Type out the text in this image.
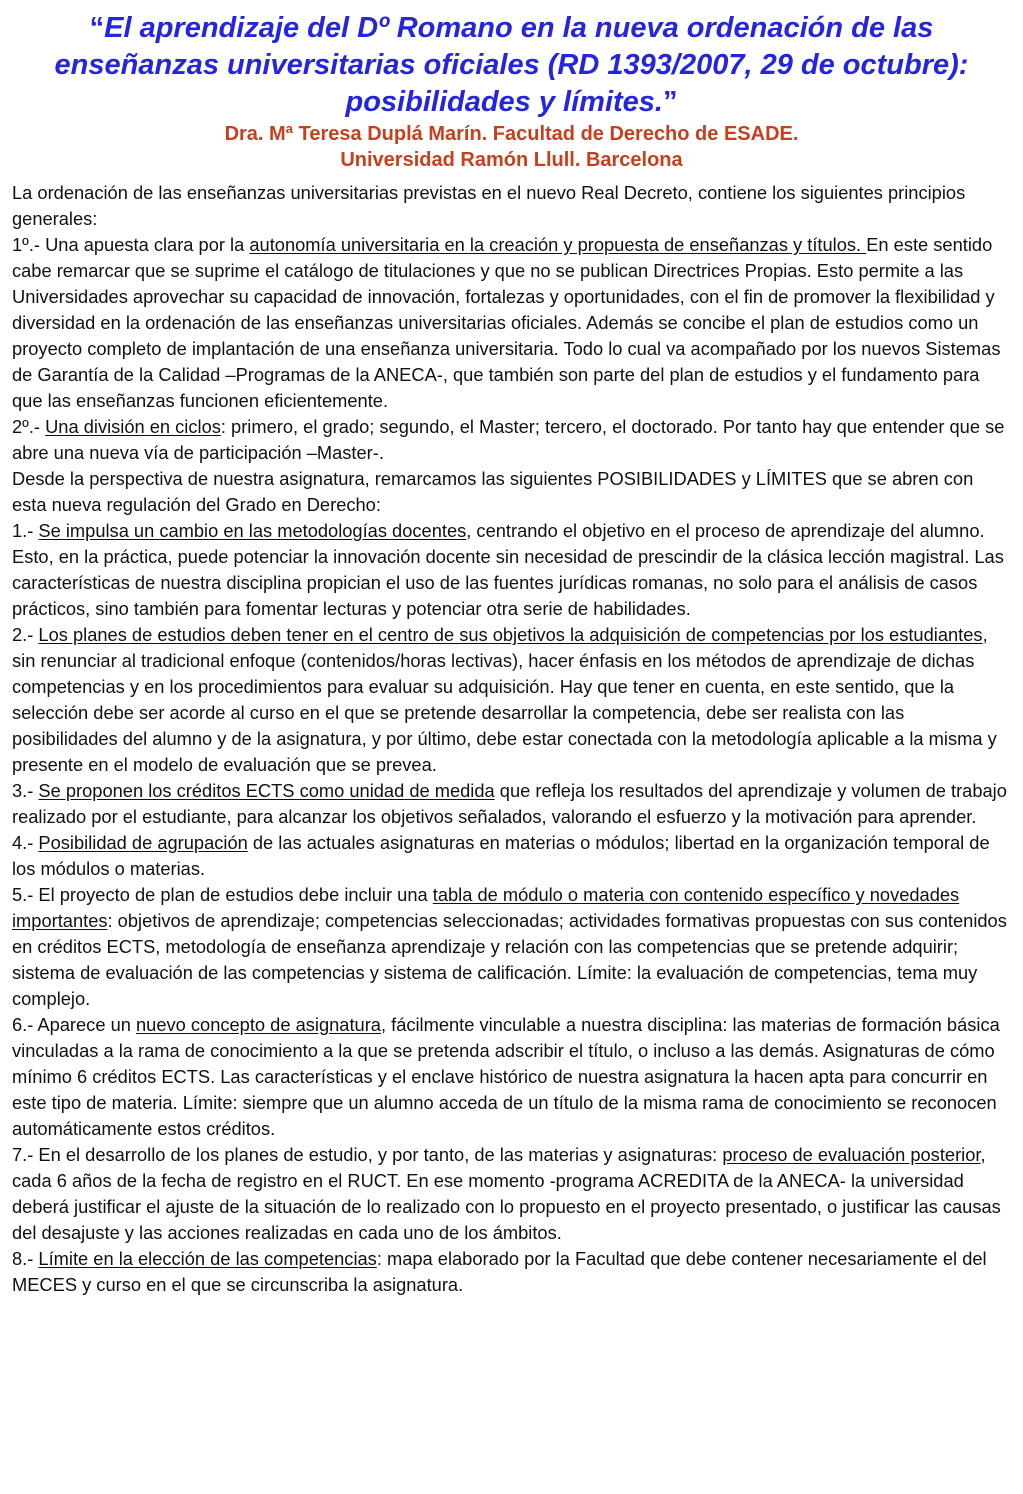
“El aprendizaje del Dº Romano en la nueva ordenación de las enseñanzas universitarias oficiales (RD 1393/2007, 29 de octubre): posibilidades y límites.”
Dra. Mª Teresa Duplá Marín. Facultad de Derecho de ESADE.
Universidad Ramón Llull. Barcelona

La ordenación de las enseñanzas universitarias previstas en el nuevo Real Decreto, contiene los siguientes principios generales:

1º.- Una apuesta clara por la autonomía universitaria en la creación y propuesta de enseñanzas y títulos. En este sentido cabe remarcar que se suprime el catálogo de titulaciones y que no se publican Directrices Propias. Esto permite a las Universidades aprovechar su capacidad de innovación, fortalezas y oportunidades, con el fin de promover la flexibilidad y diversidad en la ordenación de las enseñanzas universitarias oficiales. Además se concibe el plan de estudios como un proyecto completo de implantación de una enseñanza universitaria. Todo lo cual va acompañado por los nuevos Sistemas de Garantía de la Calidad –Programas de la ANECA-, que también son parte del plan de estudios y el fundamento para que las enseñanzas funcionen eficientemente.

2º.- Una división en ciclos: primero, el grado; segundo, el Master; tercero, el doctorado. Por tanto hay que entender que se abre una nueva vía de participación –Master-.

Desde la perspectiva de nuestra asignatura, remarcamos las siguientes POSIBILIDADES y LÍMITES que se abren con esta nueva regulación del Grado en Derecho:

1.- Se impulsa un cambio en las metodologías docentes, centrando el objetivo en el proceso de aprendizaje del alumno. Esto, en la práctica, puede potenciar la innovación docente sin necesidad de prescindir de la clásica lección magistral. Las características de nuestra disciplina propician el uso de las fuentes jurídicas romanas, no solo para el análisis de casos prácticos, sino también para fomentar lecturas y potenciar otra serie de habilidades.

2.- Los planes de estudios deben tener en el centro de sus objetivos la adquisición de competencias por los estudiantes, sin renunciar al tradicional enfoque (contenidos/horas lectivas), hacer énfasis en los métodos de aprendizaje de dichas competencias y en los procedimientos para evaluar su adquisición. Hay que tener en cuenta, en este sentido, que la selección debe ser acorde al curso en el que se pretende desarrollar la competencia, debe ser realista con las posibilidades del alumno y de la asignatura, y por último, debe estar conectada con la metodología aplicable a la misma y presente en el modelo de evaluación que se prevea.

3.- Se proponen los créditos ECTS como unidad de medida que refleja los resultados del aprendizaje y volumen de trabajo realizado por el estudiante, para alcanzar los objetivos señalados, valorando el esfuerzo y la motivación para aprender.

4.- Posibilidad de agrupación de las actuales asignaturas en materias o módulos; libertad en la organización temporal de los módulos o materias.

5.- El proyecto de plan de estudios debe incluir una tabla de módulo o materia con contenido específico y novedades importantes: objetivos de aprendizaje; competencias seleccionadas; actividades formativas propuestas con sus contenidos en créditos ECTS, metodología de enseñanza aprendizaje y relación con las competencias que se pretende adquirir; sistema de evaluación de las competencias y sistema de calificación. Límite: la evaluación de competencias, tema muy complejo.

6.- Aparece un nuevo concepto de asignatura, fácilmente vinculable a nuestra disciplina: las materias de formación básica vinculadas a la rama de conocimiento a la que se pretenda adscribir el título, o incluso a las demás. Asignaturas de cómo mínimo 6 créditos ECTS. Las características y el enclave histórico de nuestra asignatura la hacen apta para concurrir en este tipo de materia. Límite: siempre que un alumno acceda de un título de la misma rama de conocimiento se reconocen automáticamente estos créditos.

7.- En el desarrollo de los planes de estudio, y por tanto, de las materias y asignaturas: proceso de evaluación posterior, cada 6 años de la fecha de registro en el RUCT. En ese momento -programa ACREDITA de la ANECA- la universidad deberá justificar el ajuste de la situación de lo realizado con lo propuesto en el proyecto presentado, o justificar las causas del desajuste y las acciones realizadas en cada uno de los ámbitos.

8.- Límite en la elección de las competencias: mapa elaborado por la Facultad que debe contener necesariamente el del MECES y curso en el que se circunscriba la asignatura.
